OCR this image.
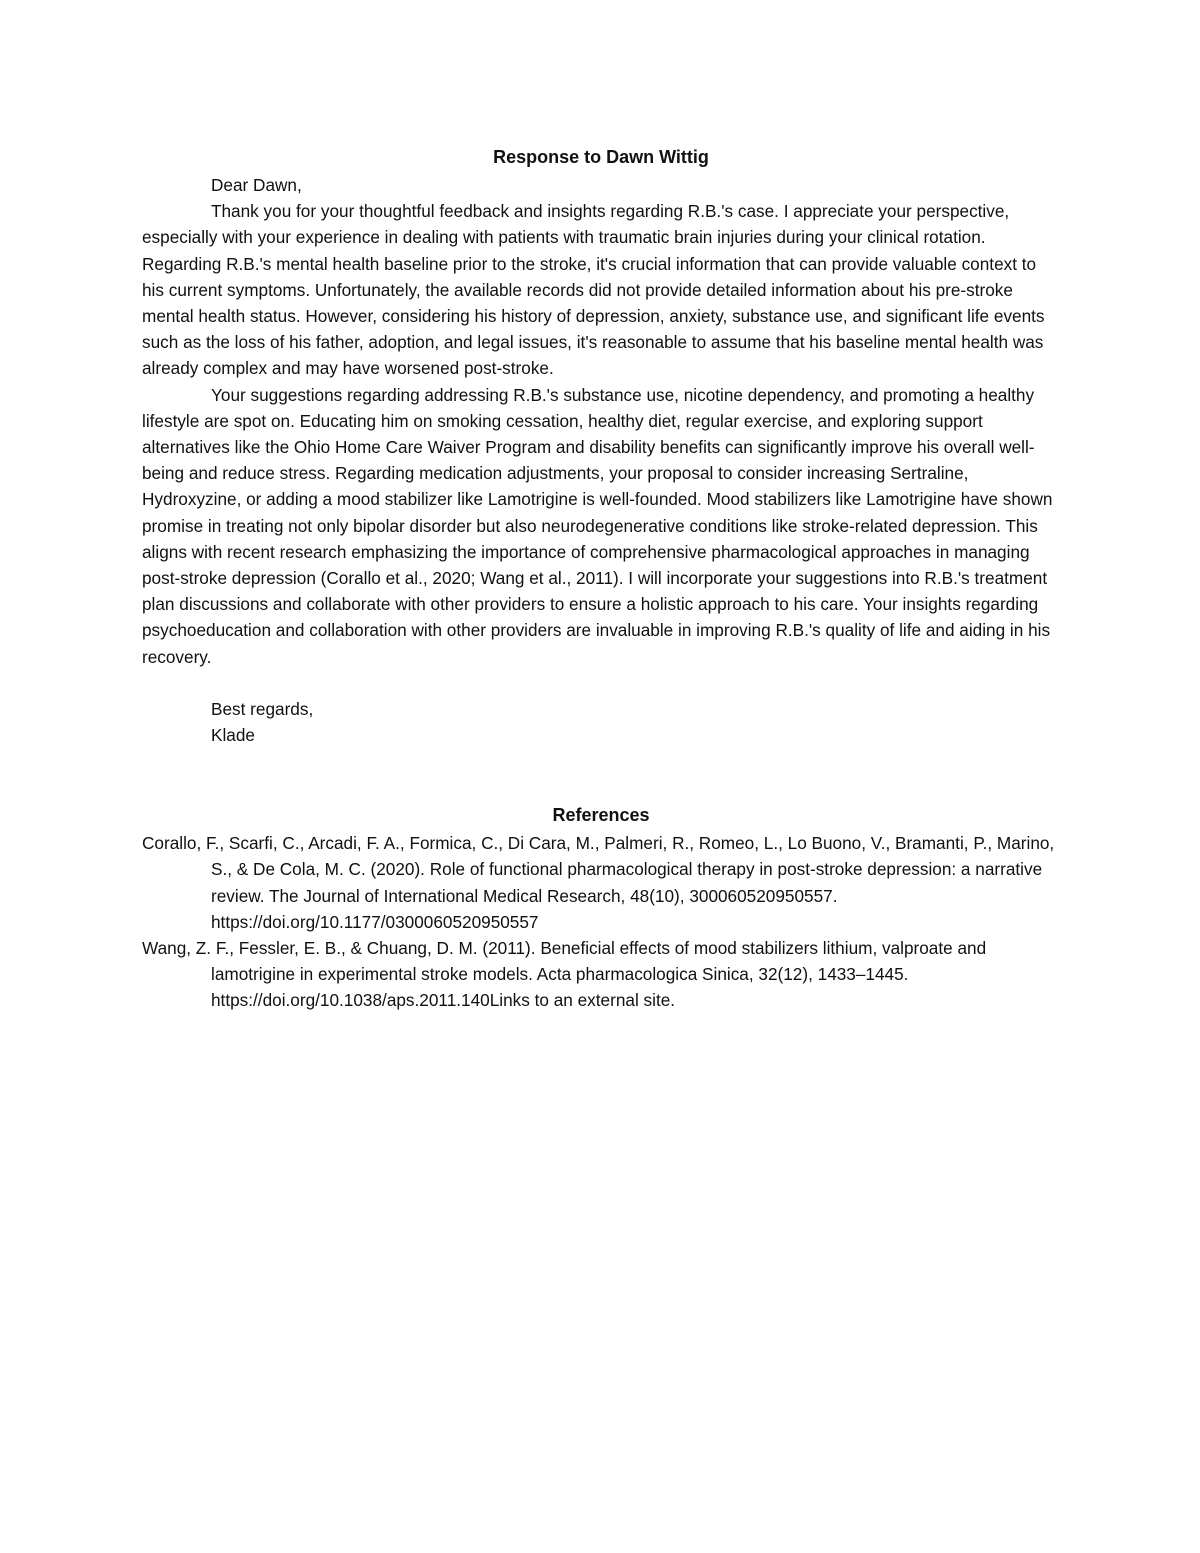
Response to Dawn Wittig

Dear Dawn,

Thank you for your thoughtful feedback and insights regarding R.B.'s case. I appreciate your perspective, especially with your experience in dealing with patients with traumatic brain injuries during your clinical rotation. Regarding R.B.'s mental health baseline prior to the stroke, it's crucial information that can provide valuable context to his current symptoms. Unfortunately, the available records did not provide detailed information about his pre-stroke mental health status. However, considering his history of depression, anxiety, substance use, and significant life events such as the loss of his father, adoption, and legal issues, it's reasonable to assume that his baseline mental health was already complex and may have worsened post-stroke.

Your suggestions regarding addressing R.B.'s substance use, nicotine dependency, and promoting a healthy lifestyle are spot on. Educating him on smoking cessation, healthy diet, regular exercise, and exploring support alternatives like the Ohio Home Care Waiver Program and disability benefits can significantly improve his overall well-being and reduce stress. Regarding medication adjustments, your proposal to consider increasing Sertraline, Hydroxyzine, or adding a mood stabilizer like Lamotrigine is well-founded. Mood stabilizers like Lamotrigine have shown promise in treating not only bipolar disorder but also neurodegenerative conditions like stroke-related depression. This aligns with recent research emphasizing the importance of comprehensive pharmacological approaches in managing post-stroke depression (Corallo et al., 2020; Wang et al., 2011). I will incorporate your suggestions into R.B.'s treatment plan discussions and collaborate with other providers to ensure a holistic approach to his care. Your insights regarding psychoeducation and collaboration with other providers are invaluable in improving R.B.'s quality of life and aiding in his recovery.

Best regards,

Klade

References

Corallo, F., Scarfi, C., Arcadi, F. A., Formica, C., Di Cara, M., Palmeri, R., Romeo, L., Lo Buono, V., Bramanti, P., Marino, S., & De Cola, M. C. (2020). Role of functional pharmacological therapy in post-stroke depression: a narrative review. The Journal of International Medical Research, 48(10), 300060520950557. https://doi.org/10.1177/0300060520950557

Wang, Z. F., Fessler, E. B., & Chuang, D. M. (2011). Beneficial effects of mood stabilizers lithium, valproate and lamotrigine in experimental stroke models. Acta pharmacologica Sinica, 32(12), 1433–1445. https://doi.org/10.1038/aps.2011.140Links to an external site.
